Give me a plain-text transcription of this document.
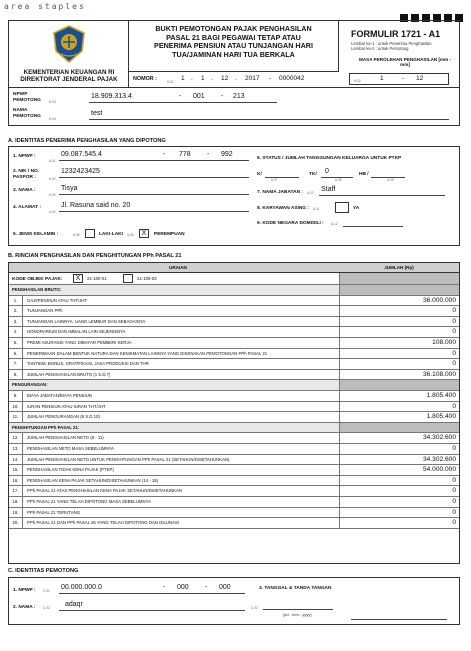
area staples
KEMENTERIAN KEUANGAN RI DIREKTORAT JENDERAL PAJAK
BUKTI PEMOTONGAN PAJAK PENGHASILAN
PASAL 21 BAGI PEGAWAI TETAP ATAU
PENERIMA PENSIUN ATAU TUNJANGAN HARI
TUA/JAMINAN HARI TUA BERKALA
NOMOR :	H.01 1 . 1 . 12 . 2017 - 0000042
FORMULIR 1721 - A1
Lembar ke-1 : untuk Penerima Penghasilan
Lembar ke-2 : untuk Pemotong
MASA PEROLEHAN PENGHASILAN [mm - mm]
H.02	1	- 12
NPWP PEMOTONG	H.03
18.909.313.4	- 001 - 213
NAMA PEMOTONG	H.04
test
A. IDENTITAS PENERIMA PENGHASILAN YANG DIPOTONG
1. NPWP :
A.01
09.087.545.4	- 778 - 992
2. NIK / NO. PASPOR :	A.02
1232423425
3. NAMA :
A.03
Tisya
4. ALAMAT :
A.04
Jl. Rasuna said no. 20
5. JENIS KELAMIN :	A.05	LAKI-LAKI A.06	X	PEREMPUAN
6. STATUS / JUMLAH TANGGUNGAN KELUARGA UNTUK PTKP
K/
A.07
TK/ 0
A.08
HB /
A.09
7. NAMA JABATAN : A.10 Staff
8. KARYAWAN ASING : A.11	YA
9. KODE NEGARA DOMISILI : A.12
B. RINCIAN PENGHASILAN DAN PENGHITUNGAN PPh PASAL 21
URAIAN	JUMLAH (Rp)
KODE OBJEK PAJAK:	X	21-100-01	21-100-02
PENGHASILAN BRUTO:
1.	GAJI/PENSIUN ATAU THT/JHT	36.000.000
2.	TUNJANGAN PPh	0
3.	TUNJANGAN LAINNYA, UANG LEMBUR DAN SEBAGAINYA	0
4.	HONORARIUM DAN IMBALAN LAIN SEJENISNYA	0
5.	PREMI ASURANSI YANG DIBAYAR PEMBERI KERJA	108.000
6.	PENERIMAAN DALAM BENTUK NATURA DAN KENIKMATAN LAINNYA YANG DIKENAKAN PEMOTONGAN PPh PASAL 21	0
7.	TANTIEM, BONUS, GRATIFIKASI, JASA PRODUKSI DAN THR	0
8.	JUMLAH PENGHASILAN BRUTO (1 S.D.7)	36.108.000
PENGURANGAN:
9.	BIAYA JABATAN/BIAYA PENSIUN	1.805.400
10.	IURAN PENSIUN ATAU IURAN THT/JHT	0
11.	JUMLAH PENGURANGAN (9 S.D 10)	1.805.400
PENGHITUNGAN PPh PASAL 21:
12.	JUMLAH PENGHASILAN NETO (8 - 11)	34.302.600
13.	PENGHASILAN NETO MASA SEBELUMNYA	0
14.	JUMLAH PENGHASILAN NETO UNTUK PENGHITUNGAN PPh PASAL 21 (SETAHUN/DISETAHUNKAN)	34.302.600
15.	PENGHASILAN TIDAK KENA PAJAK (PTKP)	54.000.000
16.	PENGHASILAN KENA PAJAK SETAHUN/DISETAHUNKAN (14 - 15)	0
17.	PPh PASAL 21 ATAS PENGHASILAN KENA PAJAK SETAHUN/DISETAHUNKAN	0
18.	PPh PASAL 21 YANG TELAH DIPOTONG MASA SEBELUMNYA	0
19.	PPh PASAL 21 TERUTANG	0
20.	PPh PASAL 21 DAN PPh PASAL 26 YANG TELAH DIPOTONG DAN DILUNASI	0
C. IDENTITAS PEMOTONG
1. NPWP : C.01 00.000.000.0	- 000 - 000
2. NAMA : C.02 adaqr
3. TANGGAL & TANDA TANGAN
C.03
[dd - mm - yyyy]
